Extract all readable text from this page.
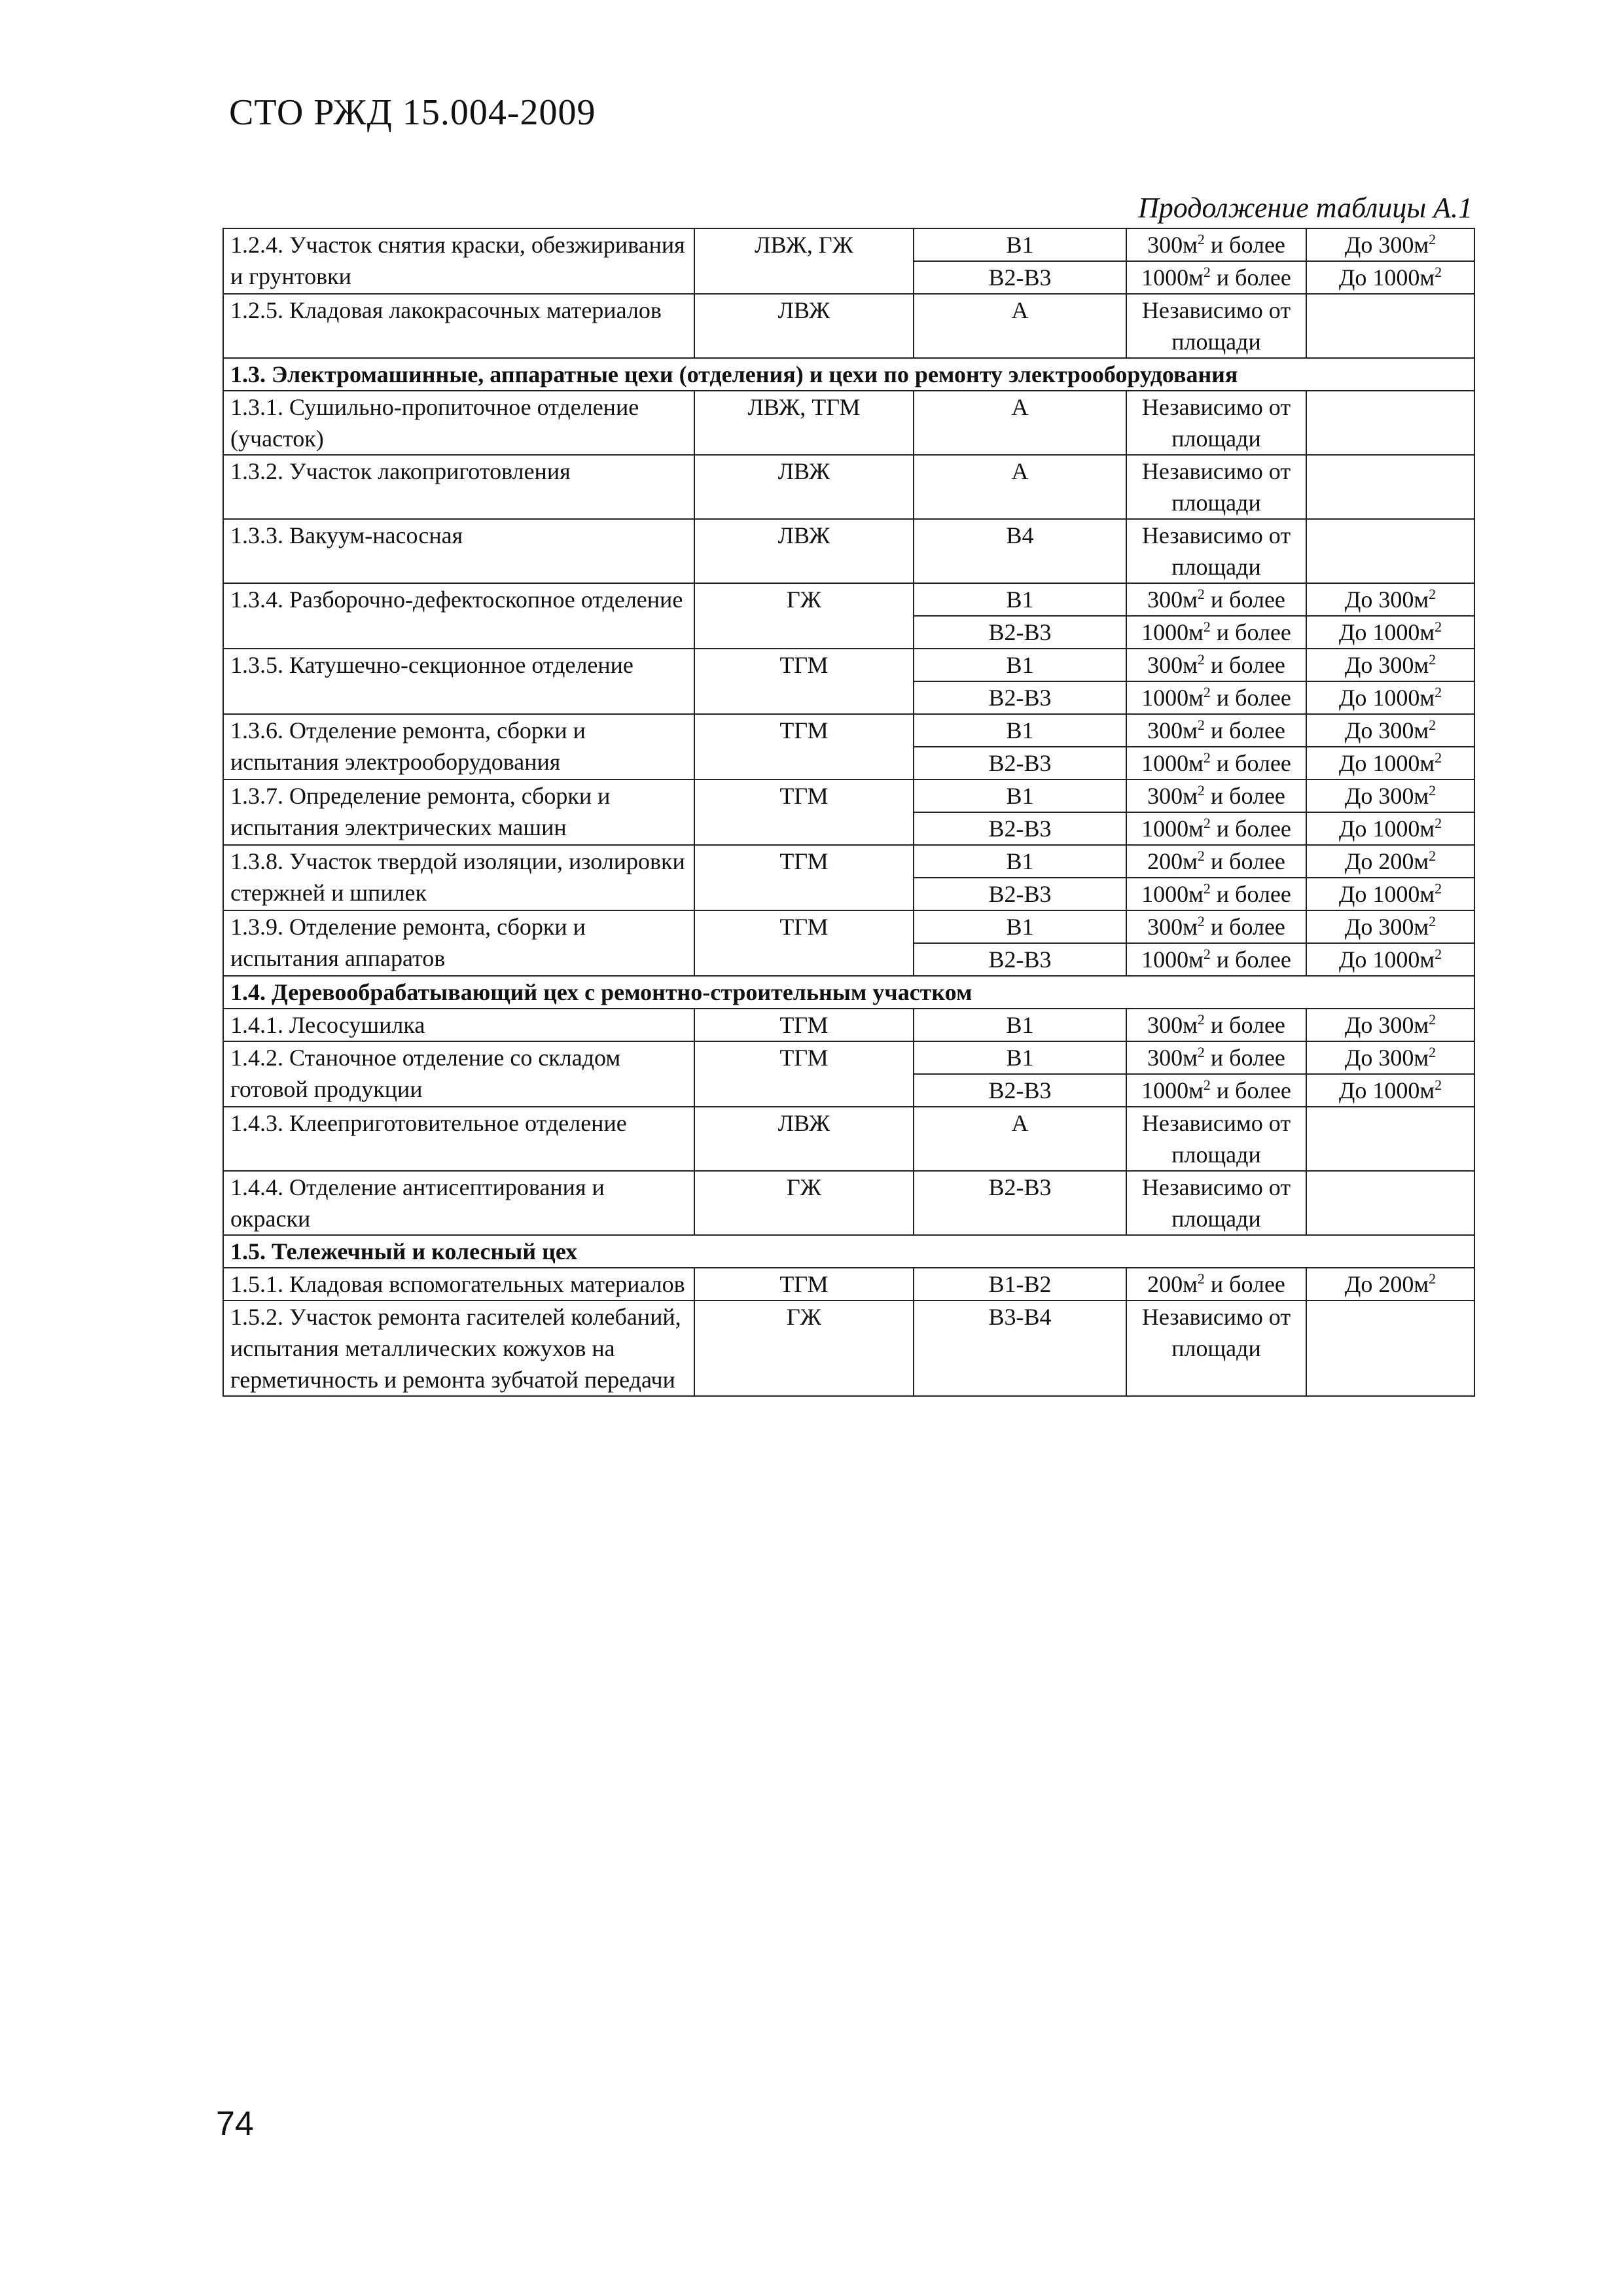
СТО РЖД 15.004-2009
Продолжение таблицы А.1
1.2.4. Участок снятия краски, обезжиривания и грунтовки	ЛВЖ, ГЖ	В1	$300м^2$ и более	До $300м^2$
		В2-В3	$1000м^2$ и более	До $1000м^2$
1.2.5. Кладовая лакокрасочных материалов	ЛВЖ	А	Независимо от площади	
1.3. Электромашинные, аппаратные цехи (отделения) и цехи по ремонту электрооборудования				
1.3.1. Сушильно-пропиточное отделение (участок)	ЛВЖ, ТГМ	А	Независимо от площади	
1.3.2. Участок лакоприготовления	ЛВЖ	А	Независимо от площади	
1.3.3. Вакуум-насосная	ЛВЖ	В4	Независимо от площади	
1.3.4. Разборочно-дефектоскопное отделение	ГЖ	В1	$300м^2$ и более	До $300м^2$
		В2-В3	$1000м^2$ и более	До $1000м^2$
1.3.5. Катушечно-секционное отделение	ТГМ	В1	$300м^2$ и более	До $300м^2$
		В2-В3	$1000м^2$ и более	До $1000м^2$
1.3.6. Отделение ремонта, сборки и испытания электрооборудования	ТГМ	В1	$300м^2$ и более	До $300м^2$
		В2-В3	$1000м^2$ и более	До $1000м^2$
1.3.7. Определение ремонта, сборки и испытания электрических машин	ТГМ	В1	$300м^2$ и более	До $300м^2$
		В2-В3	$1000м^2$ и более	До $1000м^2$
1.3.8. Участок твердой изоляции, изолировки стержней и шпилек	ТГМ	В1	$200м^2$ и более	До $200м^2$
		В2-В3	$1000м^2$ и более	До $1000м^2$
1.3.9. Отделение ремонта, сборки и испытания аппаратов	ТГМ	В1	$300м^2$ и более	До $300м^2$
		В2-В3	$1000м^2$ и более	До $1000м^2$
1.4. Деревообрабатывающий цех с ремонтно-строительным участком				
1.4.1. Лесосушилка	ТГМ	В1	$300м^2$ и более	До $300м^2$
1.4.2. Станочное отделение со складом готовой продукции	ТГМ	В1	$300м^2$ и более	До $300м^2$
		В2-В3	$1000м^2$ и более	До $1000м^2$
1.4.3. Клееприготовительное отделение	ЛВЖ	А	Независимо от площади	
1.4.4. Отделение антисептирования и окраски	ГЖ	В2-В3	Независимо от площади	
1.5. Тележечный и колесный цех				
1.5.1. Кладовая вспомогательных материалов	ТГМ	В1-В2	$200м^2$ и более	До $200м^2$
1.5.2. Участок ремонта гасителей колебаний, испытания металлических кожухов на герметичность и ремонта зубчатой передачи	ГЖ	В3-В4	Независимо от площади	
74
